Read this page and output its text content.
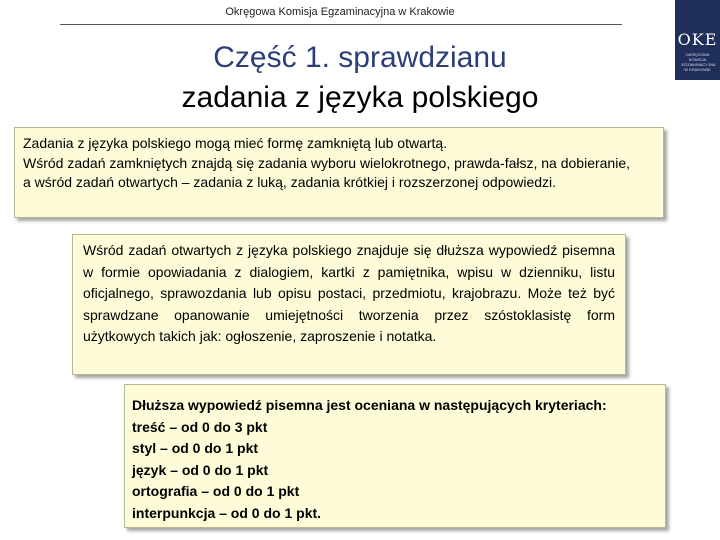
Okręgowa Komisja Egzaminacyjna w Krakowie
OKE
OKRĘGOWA
KOMISJA
EGZAMINACYJNA
W KRAKOWIE
Część 1. sprawdzianu
zadania z języka polskiego

Zadania z języka polskiego mogą mieć formę zamkniętą lub otwartą.

Wśród zadań zamkniętych znajdą się zadania wyboru wielokrotnego, prawda-fałsz, na dobieranie,

a wśród zadań otwartych – zadania z luką, zadania krótkiej i rozszerzonej odpowiedzi.

Wśród zadań otwartych z języka polskiego znajduje się dłuższa wypowiedź pisemna w formie opowiadania z dialogiem, kartki z pamiętnika, wpisu w dzienniku, listu oficjalnego, sprawozdania lub opisu postaci, przedmiotu, krajobrazu. Może też być sprawdzane opanowanie umiejętności tworzenia przez szóstoklasistę form użytkowych takich jak: ogłoszenie, zaproszenie i notatka.
Dłuższa wypowiedź pisemna jest oceniana w następujących kryteriach:
treść – od 0 do 3 pkt
styl – od 0 do 1 pkt
język – od 0 do 1 pkt
ortografia – od 0 do 1 pkt
interpunkcja – od 0 do 1 pkt.
